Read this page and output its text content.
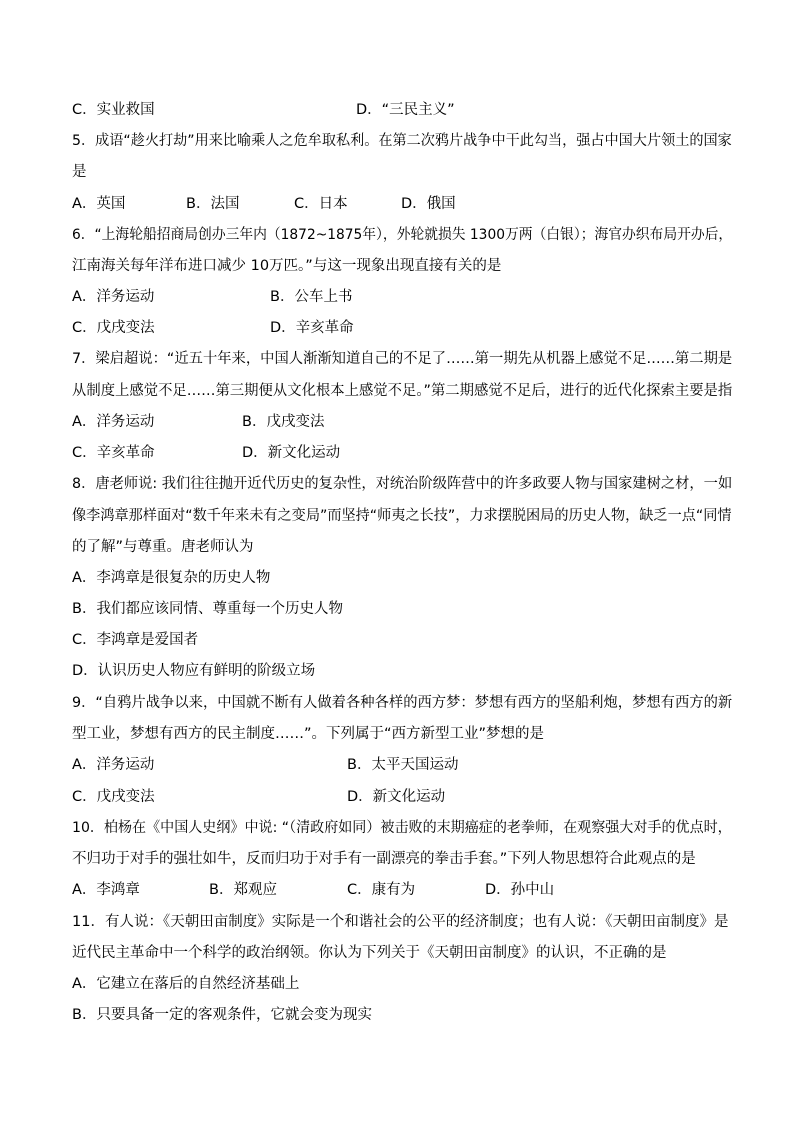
C．实业救国	D．“三民主义”
5．成语“趁火打劫”用来比喻乘人之危牟取私利。在第二次鸦片战争中干此勾当，强占中国大片领土的国家
是
A．英国	B．法国	C．日本	D．俄国
6．“上海轮船招商局创办三年内（1872~1875年），外轮就损失 1300万两（白银）；海官办织布局开办后，
江南海关每年洋布进口减少 10万匹。”与这一现象出现直接有关的是
A．洋务运动	B．公车上书
C．戊戌变法	D．辛亥革命
7．梁启超说：“近五十年来，中国人渐渐知道自己的不足了……第一期先从机器上感觉不足……第二期是
从制度上感觉不足……第三期便从文化根本上感觉不足。”第二期感觉不足后，进行的近代化探索主要是指
A．洋务运动	B．戊戌变法
C．辛亥革命	D．新文化运动
8．唐老师说: 我们往往抛开近代历史的复杂性，对统治阶级阵营中的许多政要人物与国家建树之材，一如
像李鸿章那样面对“数千年来未有之变局”而坚持“师夷之长技”，力求摆脱困局的历史人物，缺乏一点“同情
的了解”与尊重。唐老师认为
A．李鸿章是很复杂的历史人物
B．我们都应该同情、尊重每一个历史人物
C．李鸿章是爱国者
D．认识历史人物应有鲜明的阶级立场
9．“自鸦片战争以来，中国就不断有人做着各种各样的西方梦：梦想有西方的坚船利炮，梦想有西方的新
型工业，梦想有西方的民主制度……”。下列属于“西方新型工业”梦想的是
A．洋务运动	B．太平天国运动
C．戊戌变法	D．新文化运动
10．柏杨在《中国人史纲》中说: “（清政府如同）被击败的末期癌症的老拳师，在观察强大对手的优点时，
不归功于对手的强壮如牛，反而归功于对手有一副漂亮的拳击手套。”下列人物思想符合此观点的是
A．李鸿章	B．郑观应	C．康有为	D．孙中山
11．有人说：《天朝田亩制度》实际是一个和谐社会的公平的经济制度；也有人说：《天朝田亩制度》是
近代民主革命中一个科学的政治纲领。你认为下列关于《天朝田亩制度》的认识，不正确的是
A．它建立在落后的自然经济基础上
B．只要具备一定的客观条件，它就会变为现实
